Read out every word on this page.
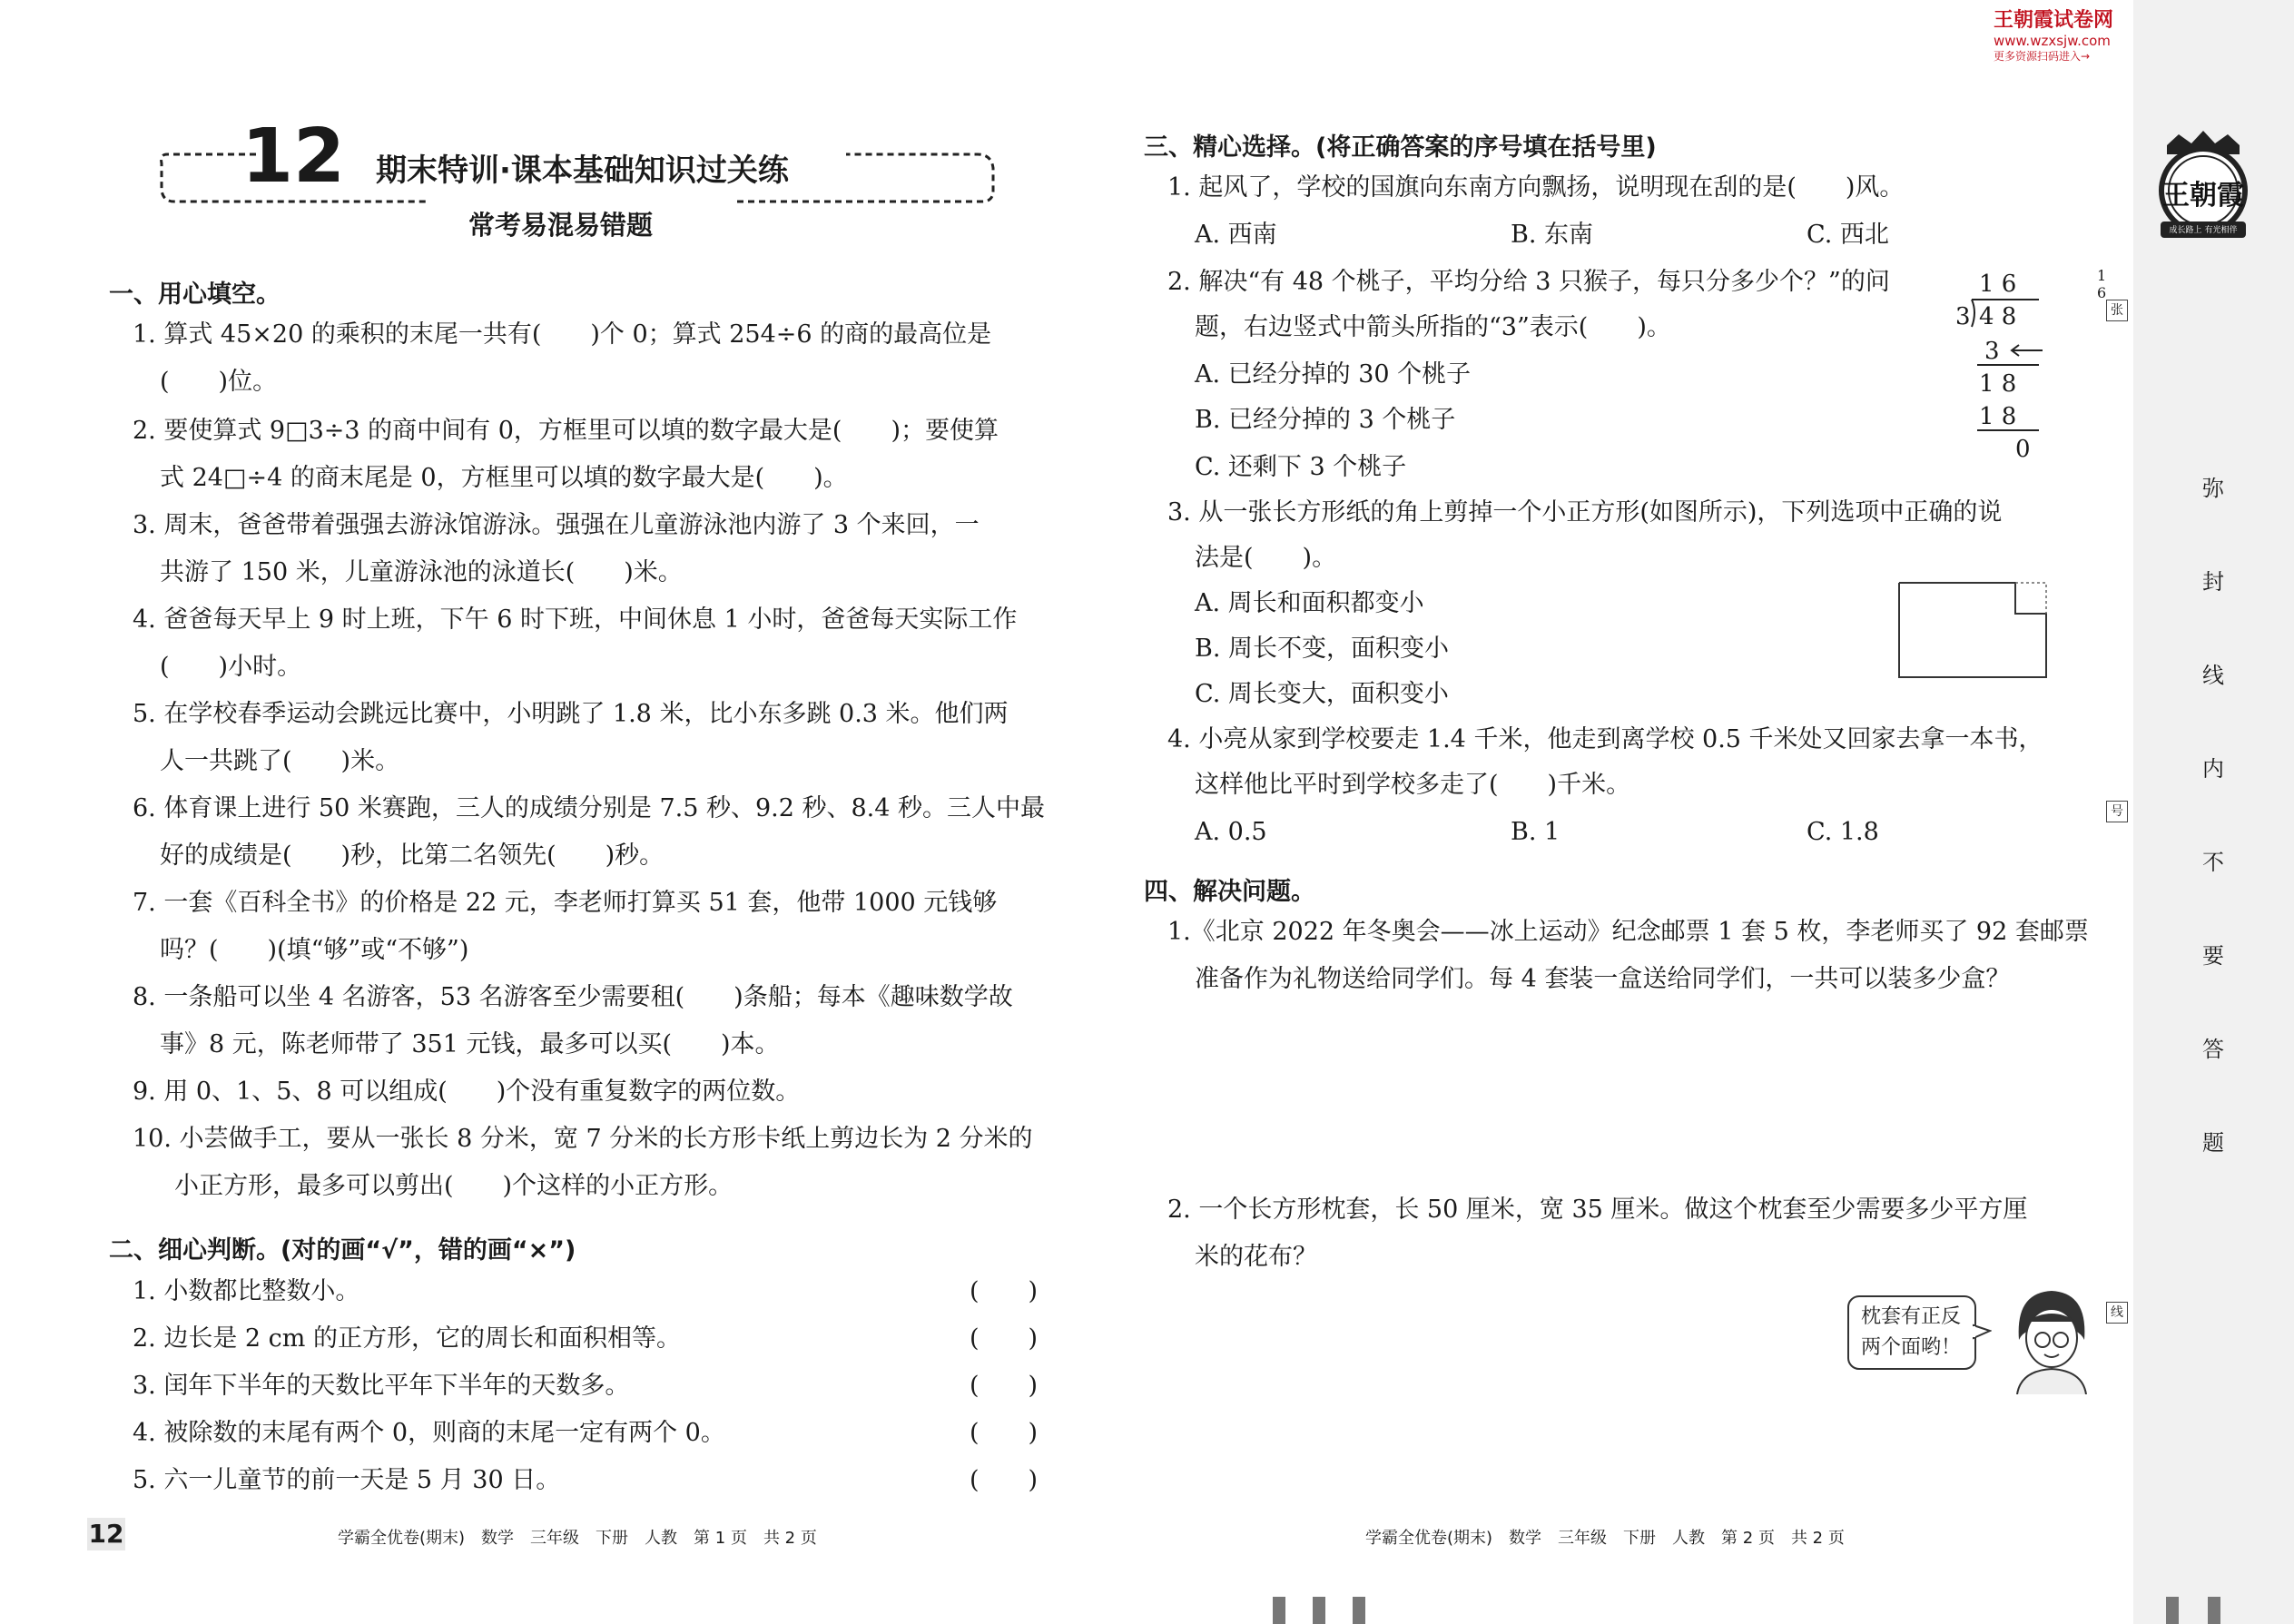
王朝霞试卷网
www.wzxsjw.com
更多资源扫码进入→
王朝霞
成长路上 有光相伴
弥
封
线
内
不
要
答
题
张
号
线
12 期末特训·课本基础知识过关练
常考易混易错题
一、用心填空。
1. 算式 45×20 的乘积的末尾一共有(　　)个 0；算式 254÷6 的商的最高位是
(　　)位。
2. 要使算式 9□3÷3 的商中间有 0，方框里可以填的数字最大是(　　)；要使算
式 24□÷4 的商末尾是 0，方框里可以填的数字最大是(　　)。
3. 周末，爸爸带着强强去游泳馆游泳。强强在儿童游泳池内游了 3 个来回，一
共游了 150 米，儿童游泳池的泳道长(　　)米。
4. 爸爸每天早上 9 时上班，下午 6 时下班，中间休息 1 小时，爸爸每天实际工作
(　　)小时。
5. 在学校春季运动会跳远比赛中，小明跳了 1.8 米，比小东多跳 0.3 米。他们两
人一共跳了(　　)米。
6. 体育课上进行 50 米赛跑，三人的成绩分别是 7.5 秒、9.2 秒、8.4 秒。三人中最
好的成绩是(　　)秒，比第二名领先(　　)秒。
7. 一套《百科全书》的价格是 22 元，李老师打算买 51 套，他带 1000 元钱够
吗？(　　)(填“够”或“不够”)
8. 一条船可以坐 4 名游客，53 名游客至少需要租(　　)条船；每本《趣味数学故
事》8 元，陈老师带了 351 元钱，最多可以买(　　)本。
9. 用 0、1、5、8 可以组成(　　)个没有重复数字的两位数。
10. 小芸做手工，要从一张长 8 分米，宽 7 分米的长方形卡纸上剪边长为 2 分米的
小正方形，最多可以剪出(　　)个这样的小正方形。
二、细心判断。(对的画“√”，错的画“×”)
1. 小数都比整数小。	(　　)
2. 边长是 2 cm 的正方形，它的周长和面积相等。	(　　)
3. 闰年下半年的天数比平年下半年的天数多。	(　　)
4. 被除数的末尾有两个 0，则商的末尾一定有两个 0。	(　　)
5. 六一儿童节的前一天是 5 月 30 日。	(　　)
三、精心选择。(将正确答案的序号填在括号里)
1. 起风了，学校的国旗向东南方向飘扬，说明现在刮的是(　　)风。
A. 西南	B. 东南	C. 西北
2. 解决“有 48 个桃子，平均分给 3 只猴子，每只分多少个？”的问
题，右边竖式中箭头所指的“3”表示(　　)。
A. 已经分掉的 30 个桃子
B. 已经分掉的 3 个桃子
C. 还剩下 3 个桃子
1 6
1 6
3 4 8
3
1 8
1 8
0
3. 从一张长方形纸的角上剪掉一个小正方形(如图所示)，下列选项中正确的说
法是(　　)。
A. 周长和面积都变小
B. 周长不变，面积变小
C. 周长变大，面积变小
4. 小亮从家到学校要走 1.4 千米，他走到离学校 0.5 千米处又回家去拿一本书，
这样他比平时到学校多走了(　　)千米。
A. 0.5	B. 1	C. 1.8
四、解决问题。
1.《北京 2022 年冬奥会——冰上运动》纪念邮票 1 套 5 枚，李老师买了 92 套邮票
准备作为礼物送给同学们。每 4 套装一盒送给同学们，一共可以装多少盒？
2. 一个长方形枕套，长 50 厘米，宽 35 厘米。做这个枕套至少需要多少平方厘
米的花布？
枕套有正反
两个面哟！
12	学霸全优卷(期末)　数学　三年级　下册　人教　第 1 页　共 2 页	学霸全优卷(期末)　数学　三年级　下册　人教　第 2 页　共 2 页
